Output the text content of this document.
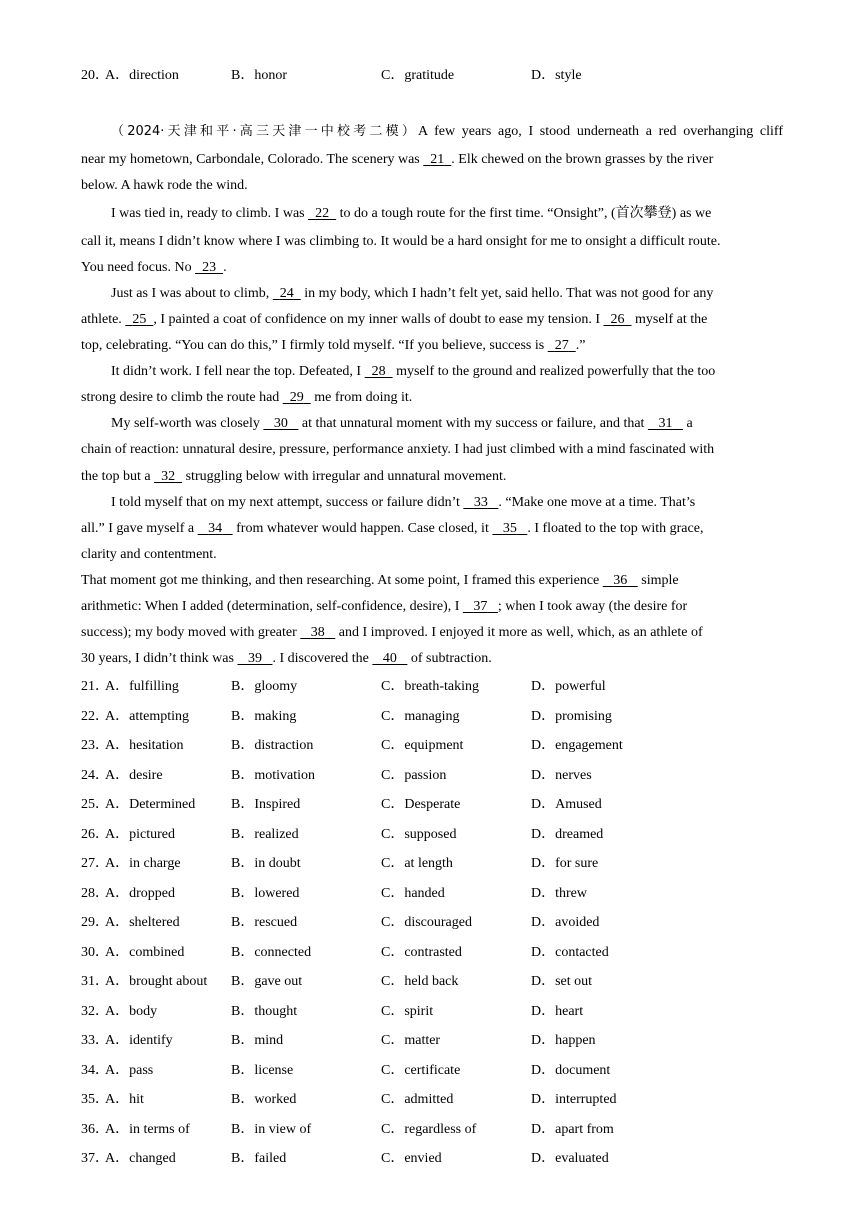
20．
A．direction	B．honor	C．gratitude	D．style
（2024·天津和平·高三天津一中校考二模）A few years ago, I stood underneath a red overhanging cliff
near my hometown, Carbondale, Colorado. The scenery was 21 . Elk chewed on the brown grasses by the river
below. A hawk rode the wind.
I was tied in, ready to climb. I was 22 to do a tough route for the first time. “Onsight”, (首次攀登) as we
call it, means I didn’t know where I was climbing to. It would be a hard onsight for me to onsight a difficult route.
You need focus. No 23 .
Just as I was about to climb, 24 in my body, which I hadn’t felt yet, said hello. That was not good for any
athlete. 25 , I painted a coat of confidence on my inner walls of doubt to ease my tension. I 26 myself at the
top, celebrating. “You can do this,” I firmly told myself. “If you believe, success is 27 .”
It didn’t work. I fell near the top. Defeated, I 28 myself to the ground and realized powerfully that the too
strong desire to climb the route had 29 me from doing it.
My self-worth was closely 30 at that unnatural moment with my success or failure, and that 31 a
chain of reaction: unnatural desire, pressure, performance anxiety. I had just climbed with a mind fascinated with
the top but a 32 struggling below with irregular and unnatural movement.
I told myself that on my next attempt, success or failure didn’t 33 . “Make one move at a time. That’s
all.” I gave myself a 34 from whatever would happen. Case closed, it 35 . I floated to the top with grace,
clarity and contentment.
That moment got me thinking, and then researching. At some point, I framed this experience 36 simple
arithmetic: When I added (determination, self-confidence, desire), I 37 ; when I took away (the desire for
success); my body moved with greater 38 and I improved. I enjoyed it more as well, which, as an athlete of
30 years, I didn’t think was 39 . I discovered the 40 of subtraction.
21．
A．fulfilling	B．gloomy	C．breath-taking	D．powerful
22．
A．attempting	B．making	C．managing	D．promising
23．
A．hesitation	B．distraction	C．equipment	D．engagement
24．
A．desire	B．motivation	C．passion	D．nerves
25．
A．Determined	B．Inspired	C．Desperate	D．Amused
26．
A．pictured	B．realized	C．supposed	D．dreamed
27．
A．in charge	B．in doubt	C．at length	D．for sure
28．
A．dropped	B．lowered	C．handed	D．threw
29．
A．sheltered	B．rescued	C．discouraged	D．avoided
30．
A．combined	B．connected	C．contrasted	D．contacted
31．
A．brought about B．gave out	C．held back	D．set out
32．
A．body	B．thought	C．spirit	D．heart
33．
A．identify	B．mind	C．matter	D．happen
34．
A．pass	B．license	C．certificate	D．document
35．
A．hit	B．worked	C．admitted	D．interrupted
36．
A．in terms of	B．in view of	C．regardless of	D．apart from
37．
A．changed	B．failed	C．envied	D．evaluated
